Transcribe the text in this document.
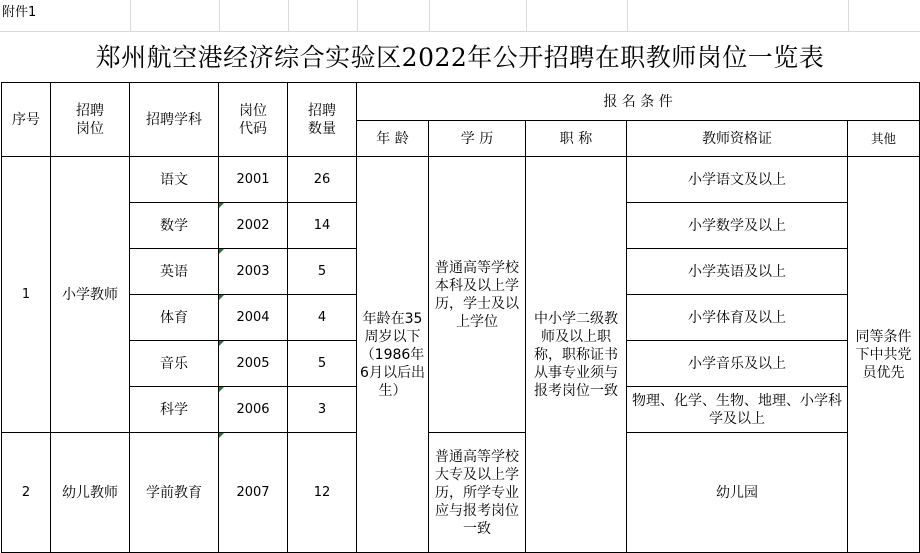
附件1
郑州航空港经济综合实验区2022年公开招聘在职教师岗位一览表
序号	招聘岗位	招聘学科	岗位代码	招聘数量	报 名 条 件				
					年 龄	学 历	职 称	教师资格证	其他
1	小学教师	语文	2001	26	年龄在35周岁以下（1986年6月以后出生）	普通高等学校本科及以上学历，学士及以上学位	中小学二级教师及以上职称，职称证书从事专业须与报考岗位一致	小学语文及以上	同等条件下中共党员优先
		数学	2002	14				小学数学及以上	
		英语	2003	5				小学英语及以上	
		体育	2004	4				小学体育及以上	
		音乐	2005	5				小学音乐及以上	
		科学	2006	3				物理、化学、生物、地理、小学科学及以上	
2	幼儿教师	学前教育	2007	12		普通高等学校大专及以上学历，所学专业应与报考岗位一致		幼儿园	
